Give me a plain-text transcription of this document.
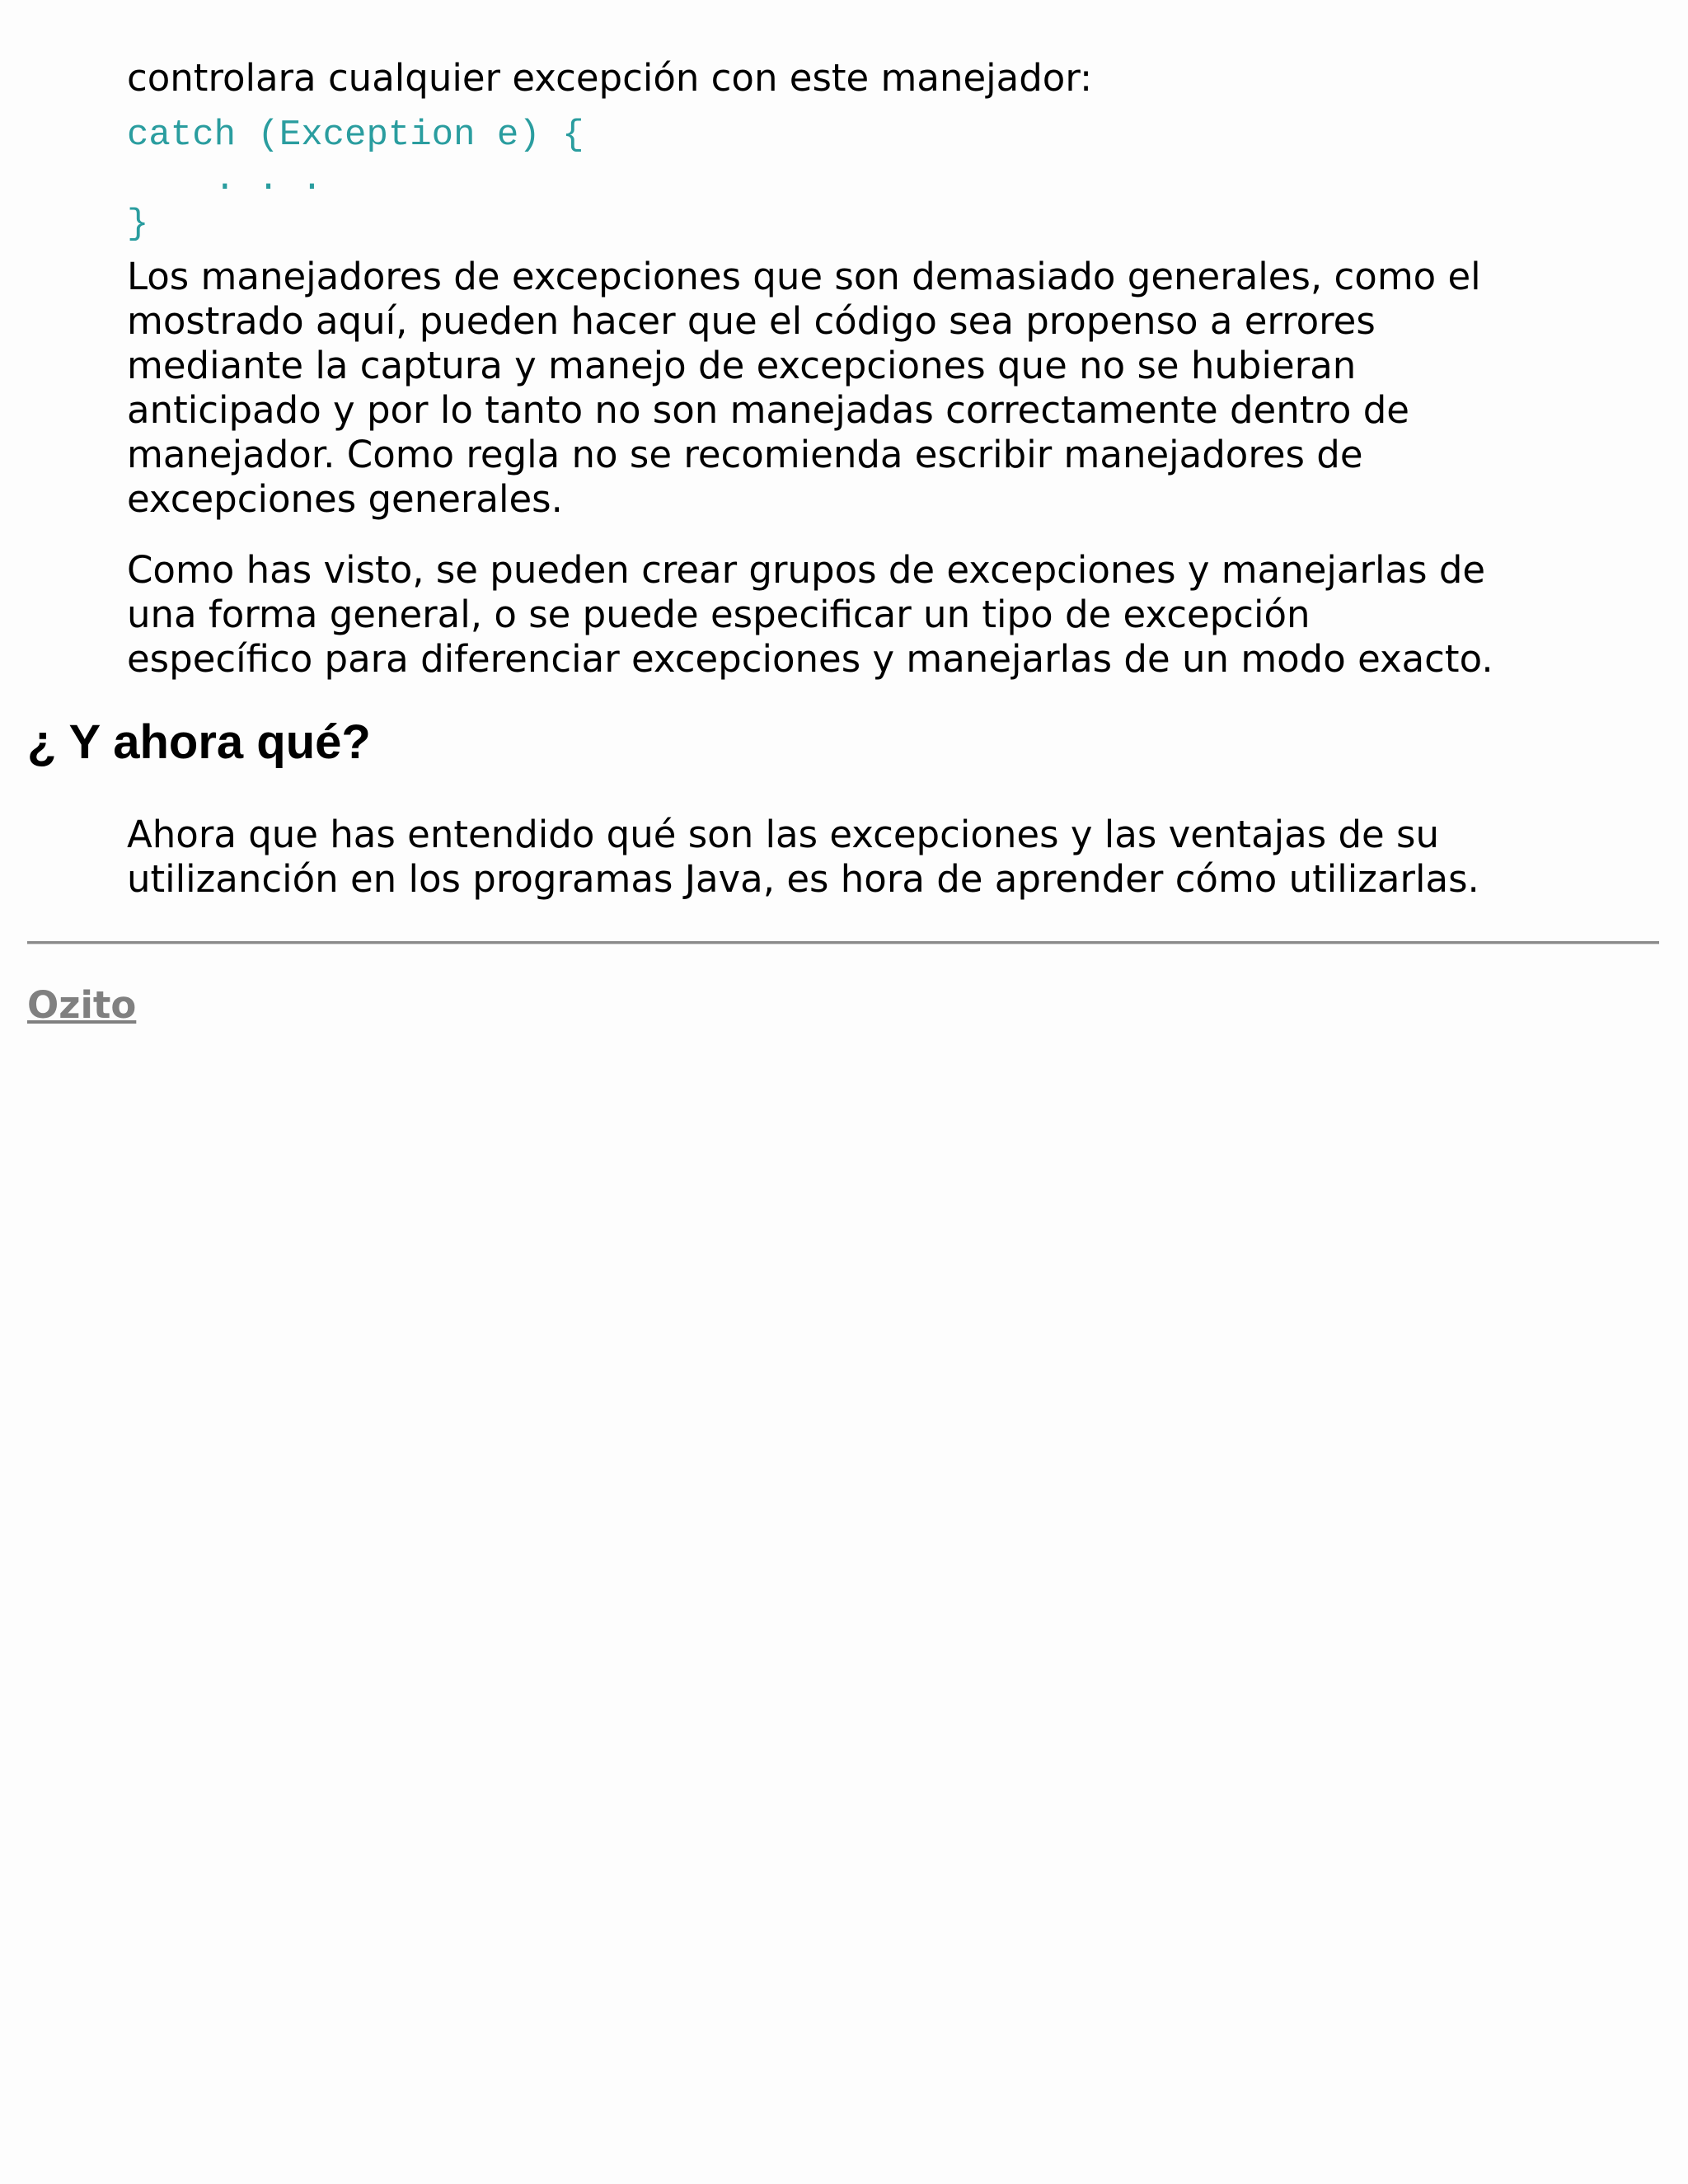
controlara cualquier excepción con este manejador:

catch (Exception e) {
. . .
}

Los manejadores de excepciones que son demasiado generales, como el

mostrado aquí, pueden hacer que el código sea propenso a errores

mediante la captura y manejo de excepciones que no se hubieran

anticipado y por lo tanto no son manejadas correctamente dentro de

manejador. Como regla no se recomienda escribir manejadores de

excepciones generales.

Como has visto, se pueden crear grupos de excepciones y manejarlas de

una forma general, o se puede especificar un tipo de excepción

específico para diferenciar excepciones y manejarlas de un modo exacto.

¿ Y ahora qué?

Ahora que has entendido qué son las excepciones y las ventajas de su

utilizanción en los programas Java, es hora de aprender cómo utilizarlas.

Ozito
